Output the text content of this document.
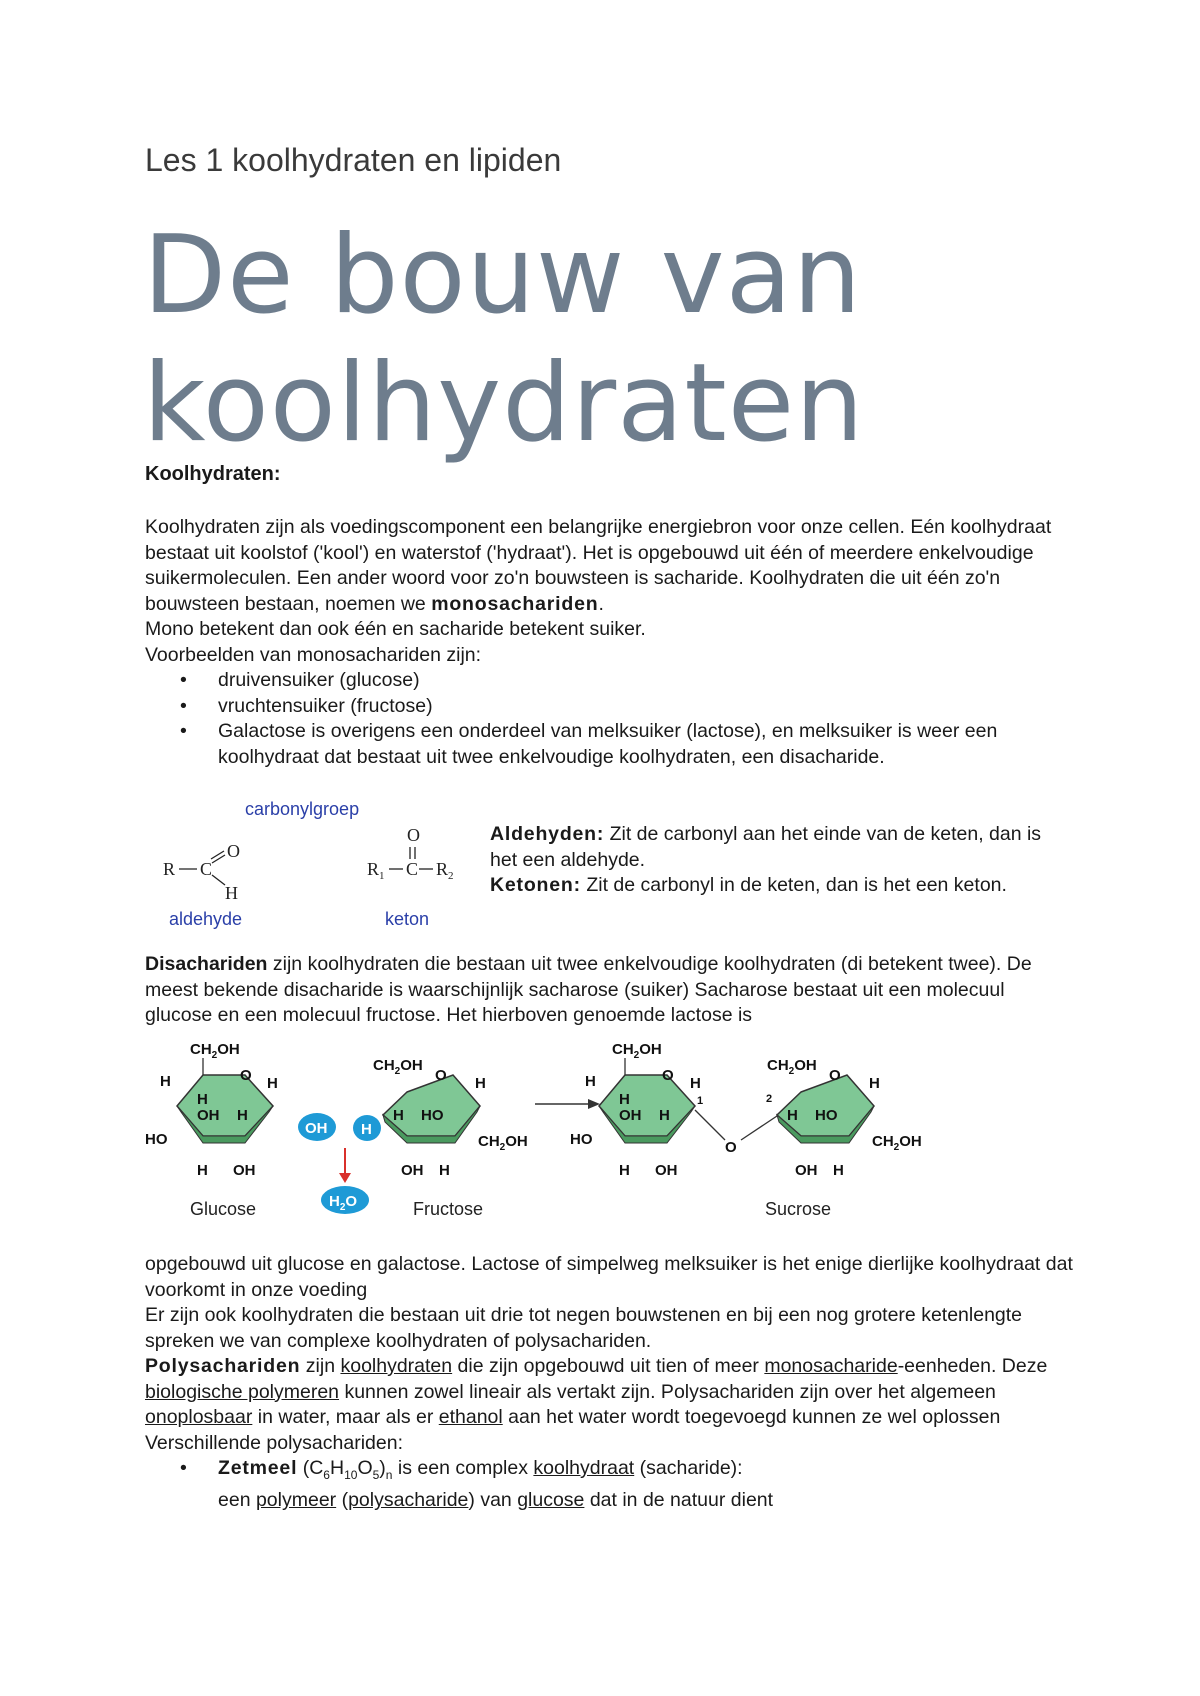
Les 1 koolhydraten en lipiden
De bouw van
koolhydraten
Koolhydraten:
Koolhydraten zijn als voedingscomponent een belangrijke energiebron voor onze cellen. Eén koolhydraat bestaat uit koolstof ('kool') en waterstof ('hydraat'). Het is opgebouwd uit één of meerdere enkelvoudige suikermoleculen. Een ander woord voor zo'n bouwsteen is sacharide. Koolhydraten die uit één zo'n bouwsteen bestaan, noemen we monosachariden.
Mono betekent dan ook één en sacharide betekent suiker.
Voorbeelden van monosachariden zijn:
• druivensuiker (glucose)
• vruchtensuiker (fructose)
• Galactose is overigens een onderdeel van melksuiker (lactose), en melksuiker is weer een koolhydraat dat bestaat uit twee enkelvoudige koolhydraten, een disacharide.
carbonylgroep
R C
O
H
aldehyde
O
$R_1$ C $R_2$
keton
Aldehyden: Zit de carbonyl aan het einde van de keten, dan is het een aldehyde.
Ketonen: Zit de carbonyl in de keten, dan is het een keton.
Disachariden zijn koolhydraten die bestaan uit twee enkelvoudige koolhydraten (di betekent twee). De meest bekende disacharide is waarschijnlijk sacharose (suiker) Sacharose bestaat uit een molecuul glucose en een molecuul fructose. Het hierboven genoemde lactose is
$CH_2OH$
O
H	H
H
OH H
HO
H OH
Glucose
OH H
$H_2O$
$CH_2OH$
O H
H HO
$CH_2OH$
OH H
Fructose
$CH_2OH$
O
H	H
H
OH H
HO
H OH
1
O
2
$CH_2OH$
O H
H HO
$CH_2OH$
OH H
Sucrose
opgebouwd uit glucose en galactose. Lactose of simpelweg melksuiker is het enige dierlijke koolhydraat dat voorkomt in onze voeding
Er zijn ook koolhydraten die bestaan uit drie tot negen bouwstenen en bij een nog grotere ketenlengte spreken we van complexe koolhydraten of polysachariden.
Polysachariden zijn koolhydraten die zijn opgebouwd uit tien of meer monosacharide-eenheden. Deze biologische polymeren kunnen zowel lineair als vertakt zijn. Polysachariden zijn over het algemeen onoplosbaar in water, maar als er ethanol aan het water wordt toegevoegd kunnen ze wel oplossen
Verschillende polysachariden:
• Zetmeel $(C_6H_{10}O_5)_n$ is een complex koolhydraat (sacharide):
een polymeer (polysacharide) van glucose dat in de natuur dient
